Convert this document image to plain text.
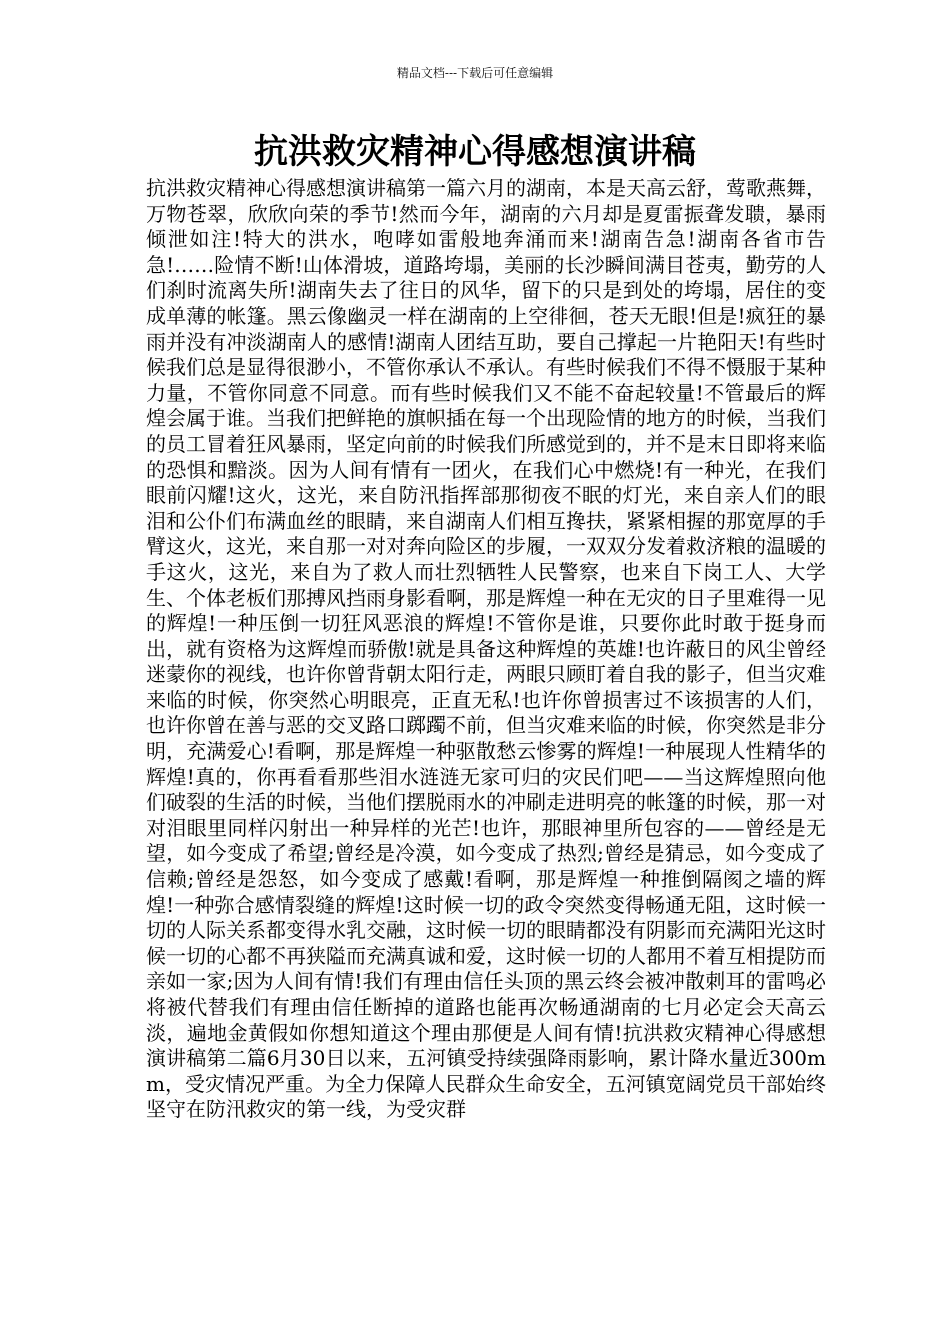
精品文档---下载后可任意编辑
抗洪救灾精神心得感想演讲稿

抗洪救灾精神心得感想演讲稿第一篇六月的湖南，本是天高云舒，莺歌燕舞，万物苍翠，欣欣向荣的季节!然而今年，湖南的六月却是夏雷振聋发聩，暴雨倾泄如注!特大的洪水，咆哮如雷般地奔涌而来!湖南告急!湖南各省市告急!……险情不断!山体滑坡，道路垮塌，美丽的长沙瞬间满目苍夷，勤劳的人们刹时流离失所!湖南失去了往日的风华，留下的只是到处的垮塌，居住的变成单薄的帐篷。黑云像幽灵一样在湖南的上空徘徊，苍天无眼!但是!疯狂的暴雨并没有冲淡湖南人的感情!湖南人团结互助，要自己撑起一片艳阳天!有些时候我们总是显得很渺小，不管你承认不承认。有些时候我们不得不慑服于某种力量，不管你同意不同意。而有些时候我们又不能不奋起较量!不管最后的辉煌会属于谁。当我们把鲜艳的旗帜插在每一个出现险情的地方的时候，当我们的员工冒着狂风暴雨，坚定向前的时候我们所感觉到的，并不是末日即将来临的恐惧和黯淡。因为人间有情有一团火，在我们心中燃烧!有一种光，在我们眼前闪耀!这火，这光，来自防汛指挥部那彻夜不眠的灯光，来自亲人们的眼泪和公仆们布满血丝的眼睛，来自湖南人们相互搀扶，紧紧相握的那宽厚的手臂这火，这光，来自那一对对奔向险区的步履，一双双分发着救济粮的温暖的手这火，这光，来自为了救人而壮烈牺牲人民警察，也来自下岗工人、大学生、个体老板们那搏风挡雨身影看啊，那是辉煌一种在无灾的日子里难得一见的辉煌!一种压倒一切狂风恶浪的辉煌!不管你是谁，只要你此时敢于挺身而出，就有资格为这辉煌而骄傲!就是具备这种辉煌的英雄!也许蔽日的风尘曾经迷蒙你的视线，也许你曾背朝太阳行走，两眼只顾盯着自我的影子，但当灾难来临的时候，你突然心明眼亮，正直无私!也许你曾损害过不该损害的人们，也许你曾在善与恶的交叉路口踯躅不前，但当灾难来临的时候，你突然是非分明，充满爱心!看啊，那是辉煌一种驱散愁云惨雾的辉煌!一种展现人性精华的辉煌!真的，你再看看那些泪水涟涟无家可归的灾民们吧——当这辉煌照向他们破裂的生活的时候，当他们摆脱雨水的冲刷走进明亮的帐篷的时候，那一对对泪眼里同样闪射出一种异样的光芒!也许，那眼神里所包容的——曾经是无望，如今变成了希望;曾经是冷漠，如今变成了热烈;曾经是猜忌，如今变成了信赖;曾经是怨怒，如今变成了感戴!看啊，那是辉煌一种推倒隔阂之墙的辉煌!一种弥合感情裂缝的辉煌!这时候一切的政令突然变得畅通无阻，这时候一切的人际关系都变得水乳交融，这时候一切的眼睛都没有阴影而充满阳光这时候一切的心都不再狭隘而充满真诚和爱，这时候一切的人都用不着互相提防而亲如一家;因为人间有情!我们有理由信任头顶的黑云终会被冲散刺耳的雷鸣必将被代替我们有理由信任断掉的道路也能再次畅通湖南的七月必定会天高云淡，遍地金黄假如你想知道这个理由那便是人间有情!抗洪救灾精神心得感想演讲稿第二篇6月30日以来，五河镇受持续强降雨影响，累计降水量近300mm，受灾情况严重。为全力保障人民群众生命安全，五河镇宽阔党员干部始终坚守在防汛救灾的第一线，为受灾群
